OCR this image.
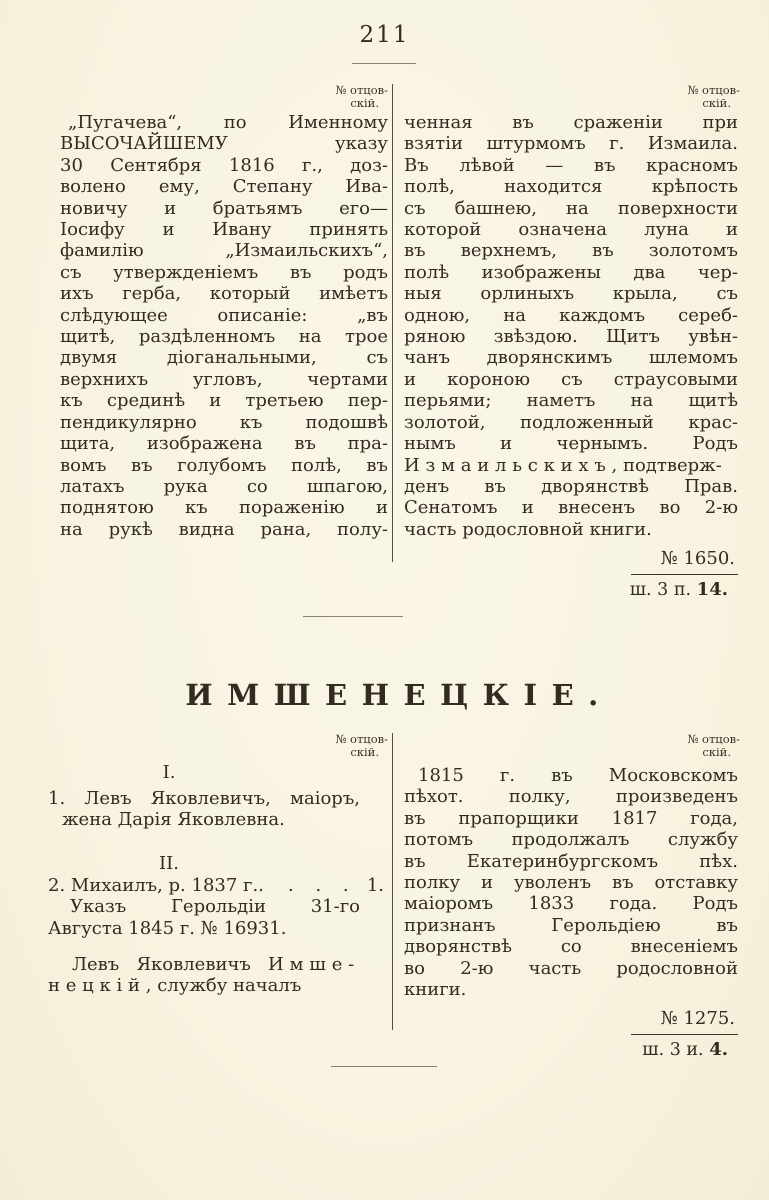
211
№ отцов-
скій.
№ отцов-
скій.
„Пугачева“, по Именному
ВЫСОЧАЙШЕМУ указу
30 Сентября 1816 г., доз-
волено ему, Степану Ива-
новичу и братьямъ его—
Іосифу и Ивану принять
фамилію „Измаильскихъ“,
съ утвержденіемъ въ родъ
ихъ герба, который имѣетъ
слѣдующее описаніе: „въ
щитѣ, раздѣленномъ на трое
двумя діоганальными, съ
верхнихъ угловъ, чертами
къ срединѣ и третьею пер-
пендикулярно къ подошвѣ
щита, изображена въ пра-
вомъ въ голубомъ полѣ, въ
латахъ рука со шпагою,
поднятою къ пораженію и
на рукѣ видна рана, полу-
ченная въ сраженіи при
взятіи штурмомъ г. Измаила.
Въ лѣвой — въ красномъ
полѣ, находится крѣпость
съ башнею, на поверхности
которой означена луна и
въ верхнемъ, въ золотомъ
полѣ изображены два чер-
ныя орлиныхъ крыла, съ
одною, на каждомъ сереб-
ряною звѣздою. Щитъ увѣн-
чанъ дворянскимъ шлемомъ
и короною съ страусовыми
перьями; наметъ на щитѣ
золотой, подложенный крас-
нымъ и чернымъ. Родъ
Измаильскихъ, подтверж-
денъ въ дворянствѣ Прав.
Сенатомъ и внесенъ во 2-ю
часть родословной книги.
№ 1650.
ш. 3 п. 14.
ИМШЕНЕЦКІЕ.
№ отцов-
скій.
№ отцов-
скій.
I.
1. Левъ Яковлевичъ, маіоръ,
жена Дарія Яковлевна.
II.
2. Михаилъ, р. 1837 г..	. . .	1.
Указъ Герольдіи 31-го
Августа 1845 г. № 16931.
Левъ Яковлевичъ Имше-
нецкій, службу началъ
1815 г. въ Московскомъ
пѣхот. полку, произведенъ
въ прапорщики 1817 года,
потомъ продолжалъ службу
въ Екатеринбургскомъ пѣх.
полку и уволенъ въ отставку
маіоромъ 1833 года. Родъ
признанъ Герольдіею въ
дворянствѣ со внесеніемъ
во 2-ю часть родословной
книги.
№ 1275.
ш. 3 и. 4.
